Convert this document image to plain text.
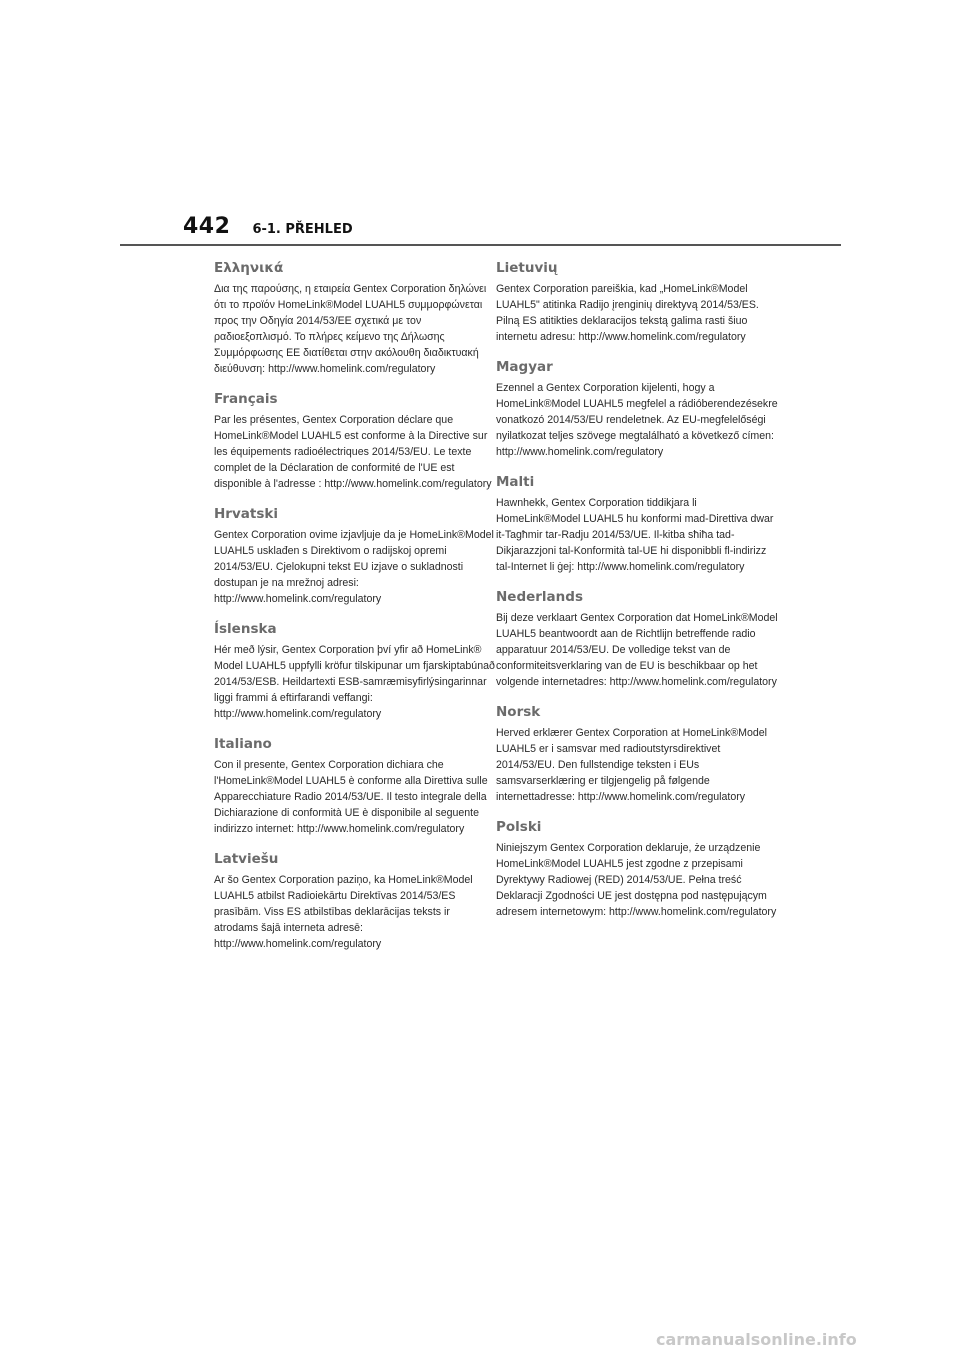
442 6-1. PŘEHLED
Ελληνικά

Δια της παρούσης, η εταιρεία Gentex Corporation δηλώνει ότι το προϊόν HomeLink®Model LUAHL5 συμμορφώνεται προς την Οδηγία 2014/53/ΕΕ σχετικά με τον ραδιοεξοπλισμό. Το πλήρες κείμενο της Δήλωσης Συμμόρφωσης ΕΕ διατίθεται στην ακόλουθη διαδικτυακή διεύθυνση: http://www.homelink.com/regulatory

Français

Par les présentes, Gentex Corporation déclare que HomeLink®Model LUAHL5 est conforme à la Directive sur les équipements radioélectriques 2014/53/EU. Le texte complet de la Déclaration de conformité de l'UE est disponible à l'adresse : http://www.homelink.com/regulatory

Hrvatski

Gentex Corporation ovime izjavljuje da je HomeLink®Model LUAHL5 usklađen s Direktivom o radijskoj opremi 2014/53/EU. Cjelokupni tekst EU izjave o sukladnosti dostupan je na mrežnoj adresi: http://www.homelink.com/regulatory

Íslenska

Hér með lýsir, Gentex Corporation því yfir að HomeLink® Model LUAHL5 uppfylli kröfur tilskipunar um fjarskiptabúnað 2014/53/ESB. Heildartexti ESB-samræmisyfirlýsingarinnar liggi frammi á eftirfarandi veffangi: http://www.homelink.com/regulatory

Italiano

Con il presente, Gentex Corporation dichiara che l'HomeLink®Model LUAHL5 è conforme alla Direttiva sulle Apparecchiature Radio 2014/53/UE. Il testo integrale della Dichiarazione di conformità UE è disponibile al seguente indirizzo internet: http://www.homelink.com/regulatory

Latviešu

Ar šo Gentex Corporation paziņo, ka HomeLink®Model LUAHL5 atbilst Radioiekārtu Direktīvas 2014/53/ES prasībām. Viss ES atbilstības deklarācijas teksts ir atrodams šajā interneta adresē: http://www.homelink.com/regulatory

Lietuvių

Gentex Corporation pareiškia, kad „HomeLink®Model LUAHL5" atitinka Radijo įrenginių direktyvą 2014/53/ES. Pilną ES atitikties deklaracijos tekstą galima rasti šiuo internetu adresu: http://www.homelink.com/regulatory

Magyar

Ezennel a Gentex Corporation kijelenti, hogy a HomeLink®Model LUAHL5 megfelel a rádióberendezésekre vonatkozó 2014/53/EU rendeletnek. Az EU-megfelelőségi nyilatkozat teljes szövege megtalálható a következő címen: http://www.homelink.com/regulatory

Malti

Hawnhekk, Gentex Corporation tiddikjara li HomeLink®Model LUAHL5 hu konformi mad-Direttiva dwar it-Tagħmir tar-Radju 2014/53/UE. Il-kitba sħiħa tad-Dikjarazzjoni tal-Konformità tal-UE hi disponibbli fl-indirizz tal-Internet li ġej: http://www.homelink.com/regulatory

Nederlands

Bij deze verklaart Gentex Corporation dat HomeLink®Model LUAHL5 beantwoordt aan de Richtlijn betreffende radio apparatuur 2014/53/EU. De volledige tekst van de conformiteitsverklaring van de EU is beschikbaar op het volgende internetadres: http://www.homelink.com/regulatory

Norsk

Herved erklærer Gentex Corporation at HomeLink®Model LUAHL5 er i samsvar med radioutstyrsdirektivet 2014/53/EU. Den fullstendige teksten i EUs samsvarserklæring er tilgjengelig på følgende internettadresse: http://www.homelink.com/regulatory

Polski

Niniejszym Gentex Corporation deklaruje, że urządzenie HomeLink®Model LUAHL5 jest zgodne z przepisami Dyrektywy Radiowej (RED) 2014/53/UE. Pełna treść Deklaracji Zgodności UE jest dostępna pod następującym adresem internetowym: http://www.homelink.com/regulatory

carmanualsonline.info
